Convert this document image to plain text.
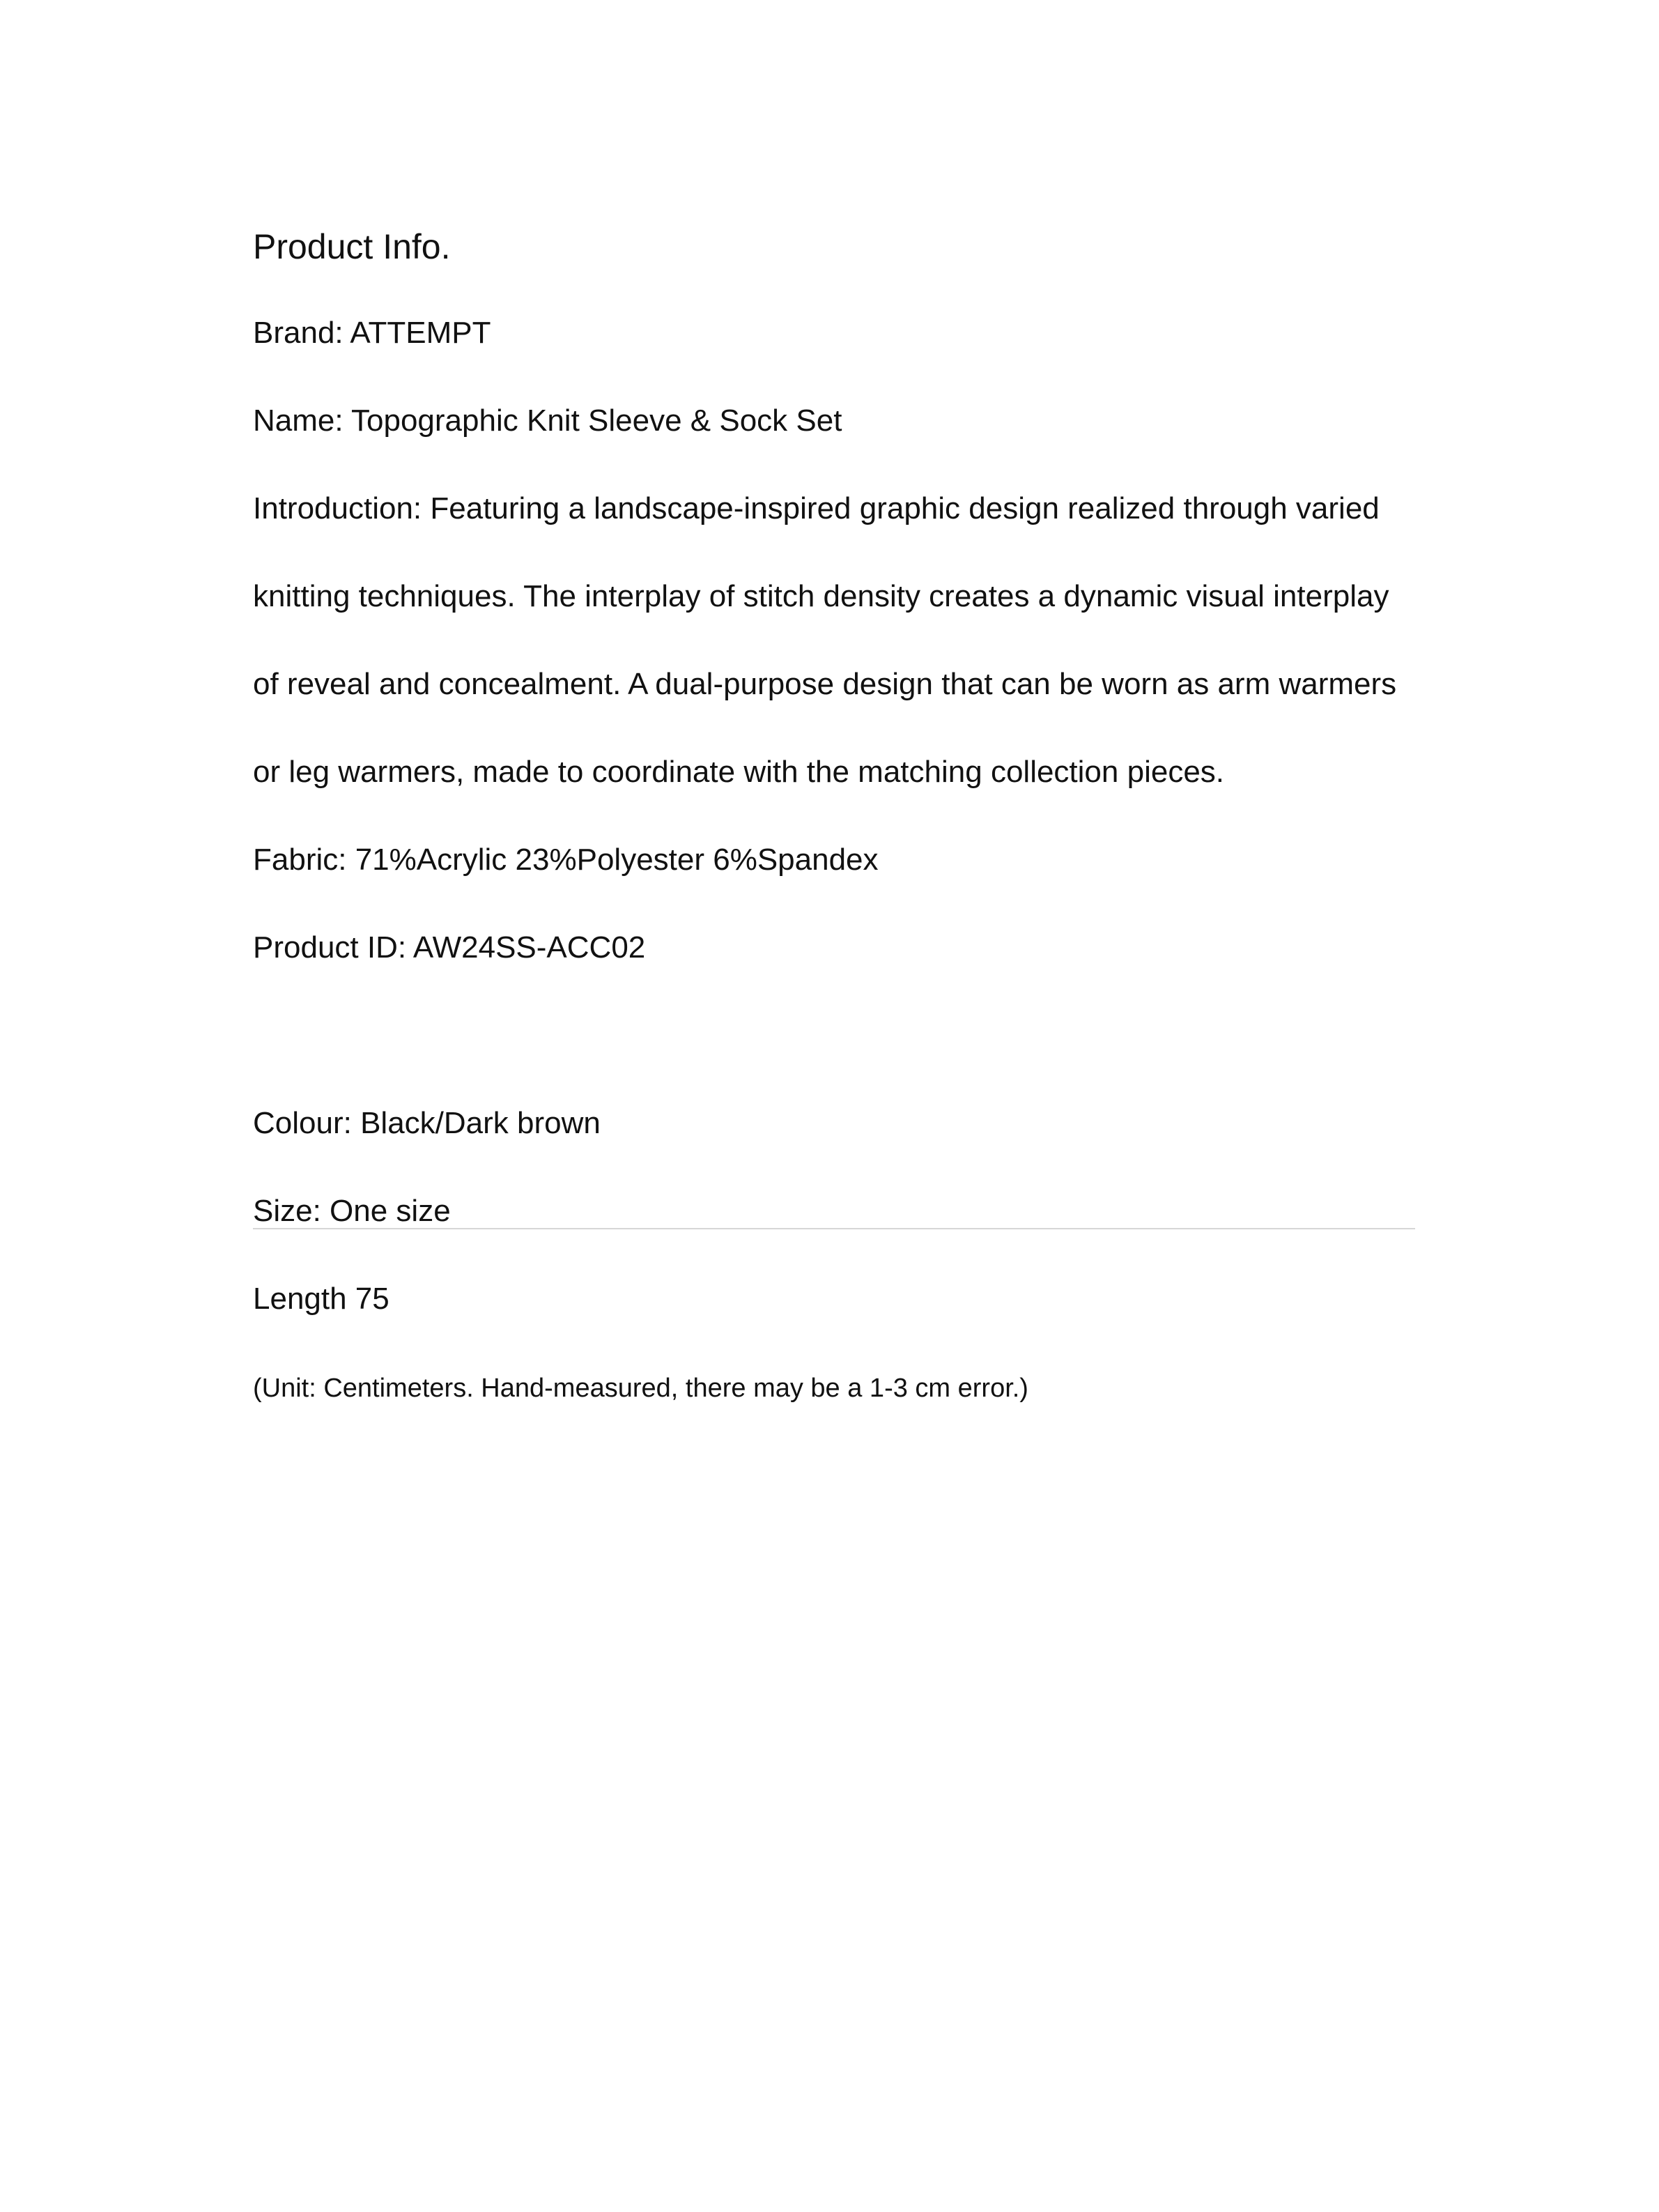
Product Info.
Brand: ATTEMPT
Name: Topographic Knit Sleeve & Sock Set
Introduction: Featuring a landscape-inspired graphic design realized through varied
knitting techniques. The interplay of stitch density creates a dynamic visual interplay
of reveal and concealment. A dual-purpose design that can be worn as arm warmers
or leg warmers, made to coordinate with the matching collection pieces.
Fabric: 71%Acrylic 23%Polyester 6%Spandex
Product ID: AW24SS-ACC02
Colour: Black/Dark brown
Size: One size
Length 75
(Unit: Centimeters. Hand-measured, there may be a 1-3 cm error.)
